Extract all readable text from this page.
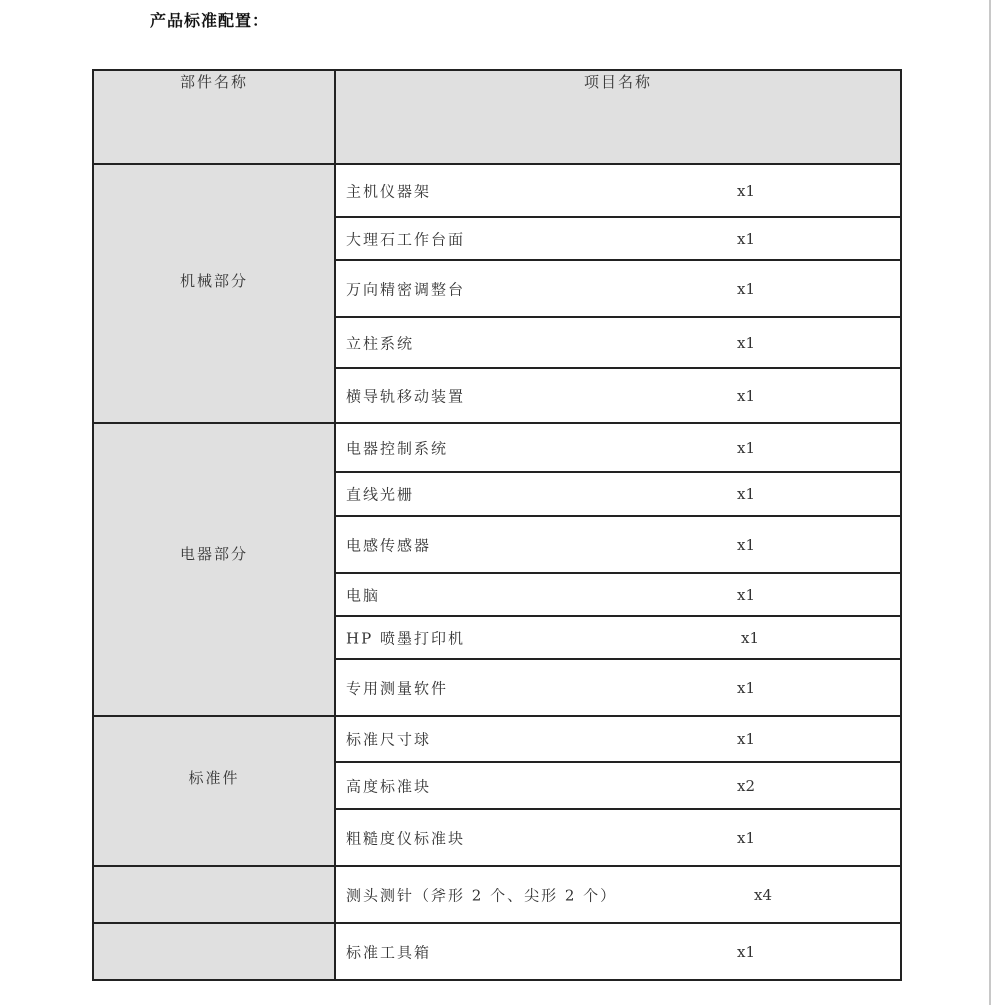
产品标准配置：
部件名称	项目名称
机械部分	主机仪器架 x1

	大理石工作台面 x1

	万向精密调整台 x1

	立柱系统 x1

	横导轨移动装置 x1

电器部分	电器控制系统 x1

	直线光栅 x1

	电感传感器 x1

	电脑 x1

	HP 喷墨打印机 x1

	专用测量软件 x1

标准件	标准尺寸球 x1

	高度标准块 x2

	粗糙度仪标准块 x1

	测头测针（斧形 2 个、尖形 2 个） x4

	标准工具箱 x1
